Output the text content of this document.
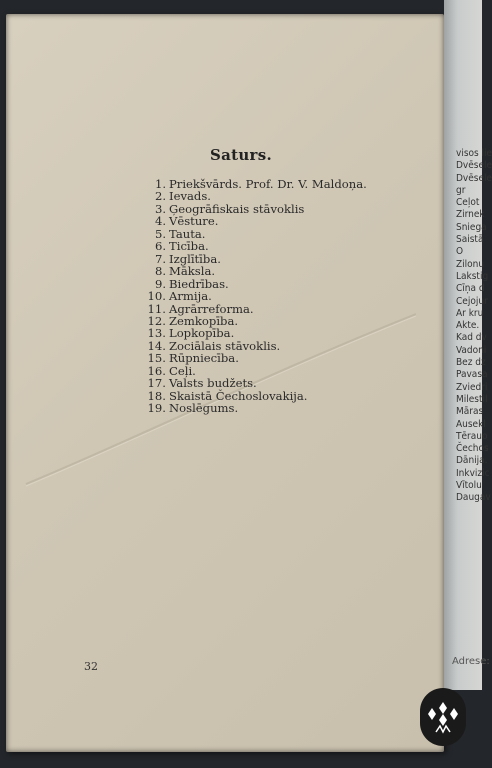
Saturs.
1. Priekšvārds. Prof. Dr. V. Maldoņa.
2. Ievads.
3. Ģeogrāfiskais stāvoklis
4. Vēsture.
5. Tauta.
6. Ticība.
7. Izglītība.
8. Māksla.
9. Biedrības.
10. Armija.
11. Agrārreforma.
12. Zemkopība.
13. Lopkopība.
14. Zociālais stāvoklis.
15. Rūpniecība.
16. Ceļi.
17. Valsts budžets.
18. Skaistā Čechoslovakija.
19. Noslēgums.
32
visos lie
Dvēsele
Dvēsele
gr
Ceļot
Zirnek
Sniega
Saistā
O
Zilonu
Lakstig
Cīņa d
Cejojur
Ar kru
Akte.
Kad dv
Vadoni
Bez dz
Pavasa
Zviedri
Milestil
Māras
Ausekl
Tērauo
Čechos
Dānija.
Inkvizic
Vītolu
Daugav
Adrese:
